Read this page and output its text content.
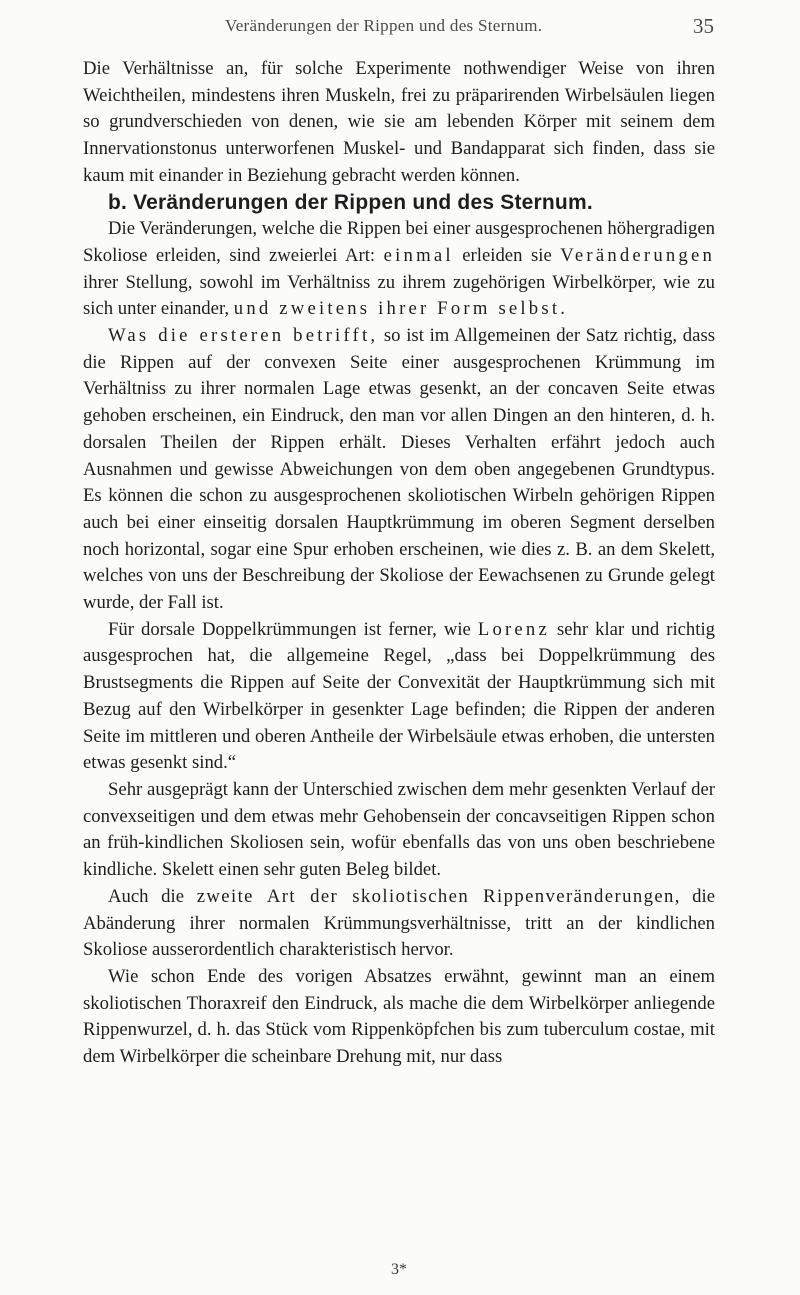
Veränderungen der Rippen und des Sternum.	35

Die Verhältnisse an, für solche Experimente nothwendiger Weise von ihren Weichtheilen, mindestens ihren Muskeln, frei zu präparirenden Wirbelsäulen liegen so grundverschieden von denen, wie sie am lebenden Körper mit seinem dem Innervationstonus unterworfenen Muskel- und Bandapparat sich finden, dass sie kaum mit einander in Beziehung gebracht werden können.

b. Veränderungen der Rippen und des Sternum.

Die Veränderungen, welche die Rippen bei einer ausgesprochenen höhergradigen Skoliose erleiden, sind zweierlei Art: einmal erleiden sie Veränderungen ihrer Stellung, sowohl im Verhältniss zu ihrem zugehörigen Wirbelkörper, wie zu sich unter einander, und zweitens ihrer Form selbst.

Was die ersteren betrifft, so ist im Allgemeinen der Satz richtig, dass die Rippen auf der convexen Seite einer ausgesprochenen Krümmung im Verhältniss zu ihrer normalen Lage etwas gesenkt, an der concaven Seite etwas gehoben erscheinen, ein Eindruck, den man vor allen Dingen an den hinteren, d. h. dorsalen Theilen der Rippen erhält. Dieses Verhalten erfährt jedoch auch Ausnahmen und gewisse Abweichungen von dem oben angegebenen Grundtypus. Es können die schon zu ausgesprochenen skoliotischen Wirbeln gehörigen Rippen auch bei einer einseitig dorsalen Hauptkrümmung im oberen Segment derselben noch horizontal, sogar eine Spur erhoben erscheinen, wie dies z. B. an dem Skelett, welches von uns der Beschreibung der Skoliose der Eewachsenen zu Grunde gelegt wurde, der Fall ist.

Für dorsale Doppelkrümmungen ist ferner, wie Lorenz sehr klar und richtig ausgesprochen hat, die allgemeine Regel, „dass bei Doppelkrümmung des Brustsegments die Rippen auf Seite der Convexität der Hauptkrümmung sich mit Bezug auf den Wirbelkörper in gesenkter Lage befinden; die Rippen der anderen Seite im mittleren und oberen Antheile der Wirbelsäule etwas erhoben, die untersten etwas gesenkt sind.“

Sehr ausgeprägt kann der Unterschied zwischen dem mehr gesenkten Verlauf der convexseitigen und dem etwas mehr Gehobensein der concavseitigen Rippen schon an früh-kindlichen Skoliosen sein, wofür ebenfalls das von uns oben beschriebene kindliche. Skelett einen sehr guten Beleg bildet.

Auch die zweite Art der skoliotischen Rippenveränderungen, die Abänderung ihrer normalen Krümmungsverhältnisse, tritt an der kindlichen Skoliose ausserordentlich charakteristisch hervor.

Wie schon Ende des vorigen Absatzes erwähnt, gewinnt man an einem skoliotischen Thoraxreif den Eindruck, als mache die dem Wirbelkörper anliegende Rippenwurzel, d. h. das Stück vom Rippenköpfchen bis zum tuberculum costae, mit dem Wirbelkörper die scheinbare Drehung mit, nur dass

3*
